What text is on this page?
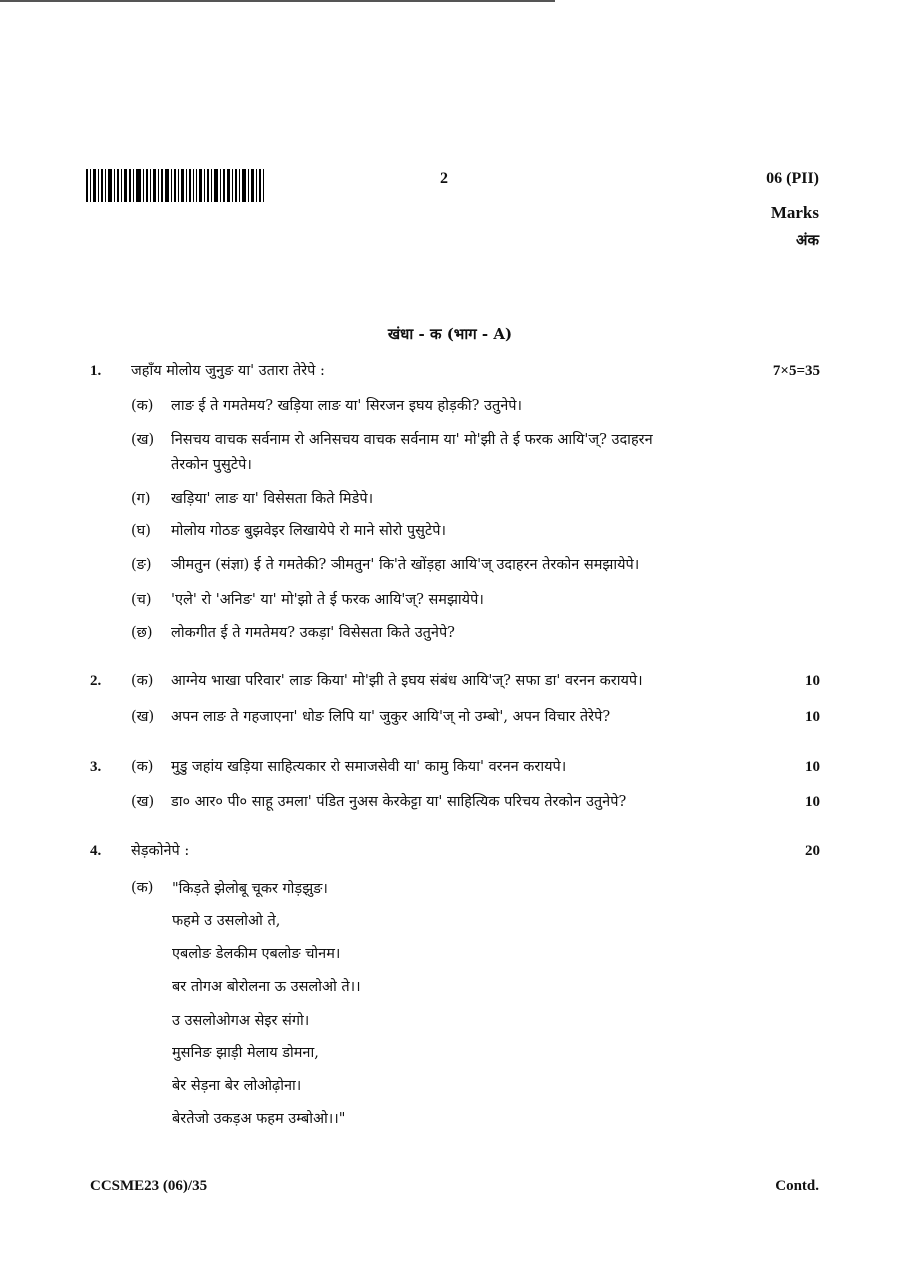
2	06 (PII)
Marks
अंक
खंधा - क (भाग - A)
1. जहाँय मोलोय जुनुङ या' उतारा तेरेपे :	7×5=35
(क) लाङ ई ते गमतेमय? खड़िया लाङ या' सिरजन इघय होड़की? उतुनेपे।
(ख) निसचय वाचक सर्वनाम रो अनिसचय वाचक सर्वनाम या' मो'झी ते ई फरक आयि'ज्? उदाहरन
तेरकोन पुसुटेपे।
(ग) खड़िया' लाङ या' विसेसता किते मिडेपे।
(घ) मोलोय गोठङ बुझवेइर लिखायेपे रो माने सोरो पुसुटेपे।
(ङ) ञीमतुन (संज्ञा) ई ते गमतेकी? ञीमतुन' कि'ते खोंड़हा आयि'ज् उदाहरन तेरकोन समझायेपे।
(च) 'एले' रो 'अनिङ' या' मो'झो ते ई फरक आयि'ज्? समझायेपे।
(छ) लोकगीत ई ते गमतेमय? उकड़ा' विसेसता किते उतुनेपे?
2. (क) आग्नेय भाखा परिवार' लाङ किया' मो'झी ते इघय संबंध आयि'ज्? सफा डा' वरनन करायपे।	10
(ख) अपन लाङ ते गहजाएना' धोङ लिपि या' जुकुर आयि'ज् नो उम्बो', अपन विचार तेरेपे?	10
3. (क) मुडु जहांय खड़िया साहित्यकार रो समाजसेवी या' कामु किया' वरनन करायपे।	10
(ख) डा० आर० पी० साहू उमला' पंडित नुअस केरकेट्टा या' साहित्यिक परिचय तेरकोन उतुनेपे?	10
4. सेड़कोनेपे :	20
(क) "किड़ते झेलोबू चूकर गोड़झुङ।
फहमे उ उसलोओ ते,
एबलोङ डेलकीम एबलोङ चोनम।
बर तोगअ बोरोलना ऊ उसलोओ ते।।
उ उसलोओगअ सेइर संगो।
मुसनिङ झाड़ी मेलाय डोमना,
बेर सेड़ना बेर लोओढ़ोना।
बेरतेजो उकड़अ फहम उम्बोओ।।"
CCSME23 (06)/35	Contd.
